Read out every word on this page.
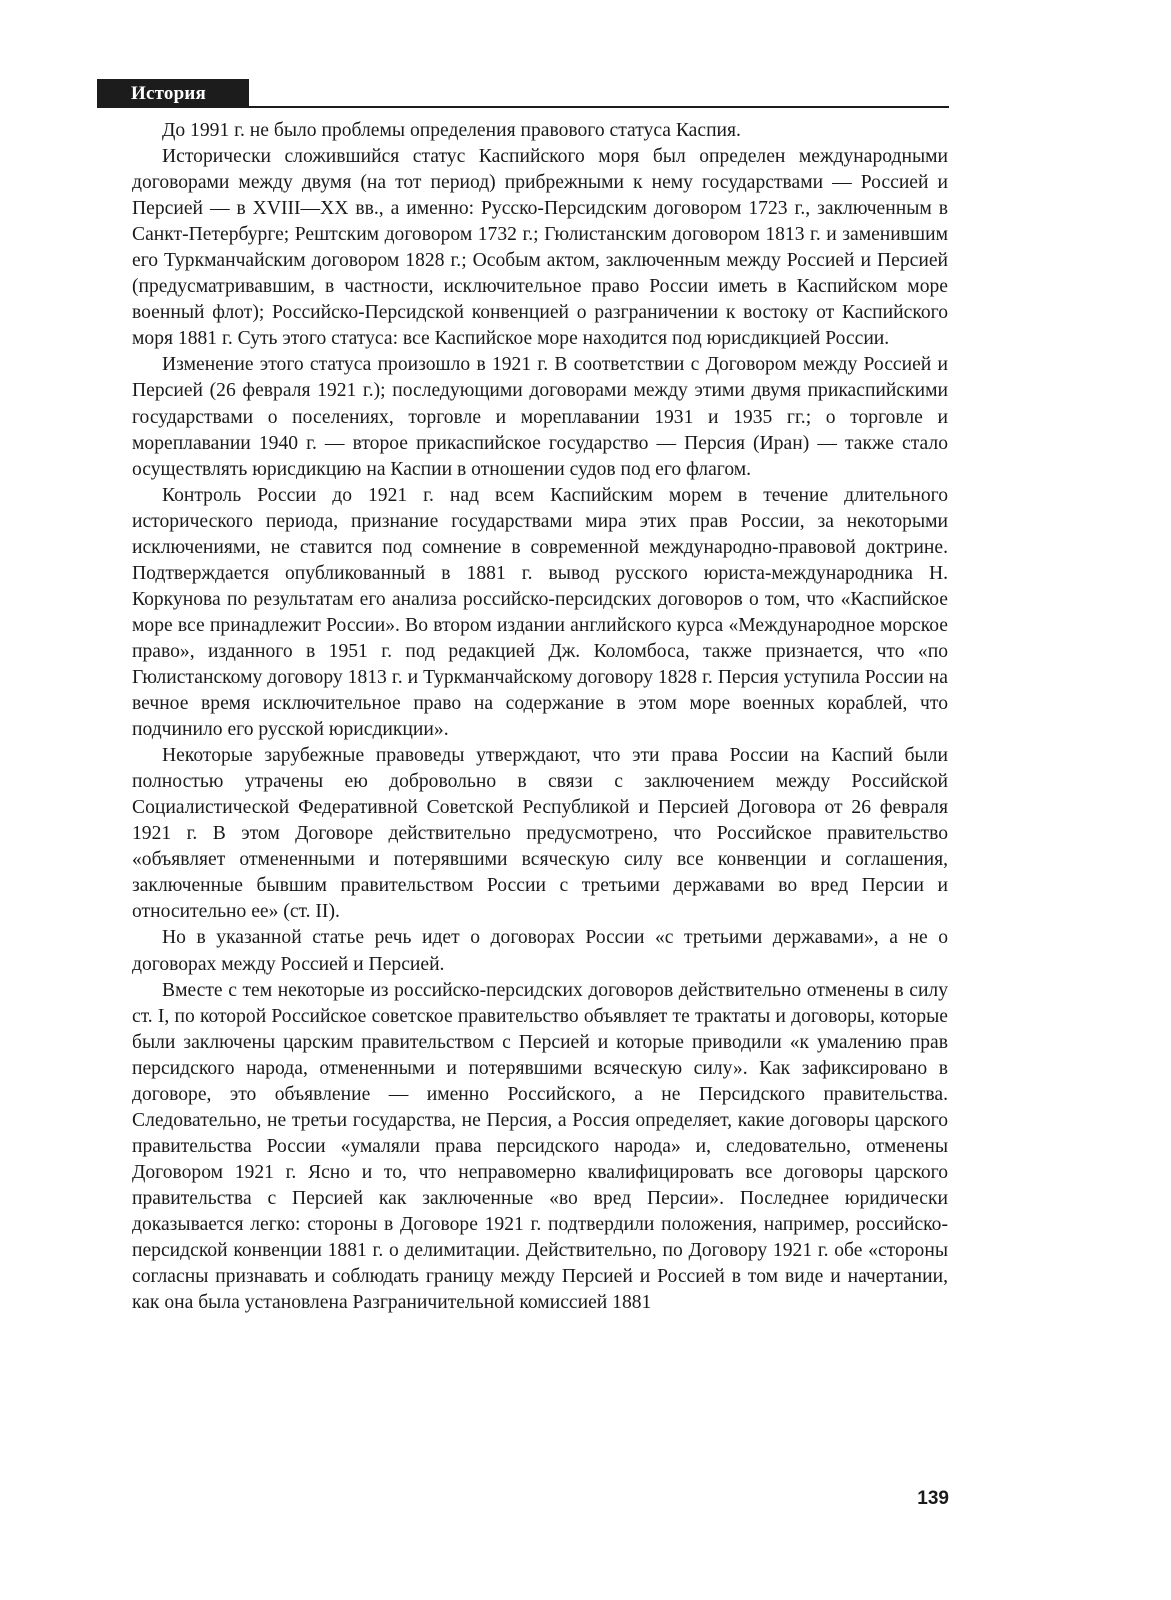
История

До 1991 г. не было проблемы определения правового статуса Каспия.

Исторически сложившийся статус Каспийского моря был определен международными договорами между двумя (на тот период) прибрежными к нему государствами — Россией и Персией — в XVIII—XX вв., а именно: Русско-Персидским договором 1723 г., заключенным в Санкт-Петербурге; Рештским договором 1732 г.; Гюлистанским договором 1813 г. и заменившим его Туркманчайским договором 1828 г.; Особым актом, заключенным между Россией и Персией (предусматривавшим, в частности, исключительное право России иметь в Каспийском море военный флот); Российско-Персидской конвенцией о разграничении к востоку от Каспийского моря 1881 г. Суть этого статуса: все Каспийское море находится под юрисдикцией России.

Изменение этого статуса произошло в 1921 г. В соответствии с Договором между Россией и Персией (26 февраля 1921 г.); последующими договорами между этими двумя прикаспийскими государствами о поселениях, торговле и мореплавании 1931 и 1935 гг.; о торговле и мореплавании 1940 г. — второе прикаспийское государство — Персия (Иран) — также стало осуществлять юрисдикцию на Каспии в отношении судов под его флагом.

Контроль России до 1921 г. над всем Каспийским морем в течение длительного исторического периода, признание государствами мира этих прав России, за некоторыми исключениями, не ставится под сомнение в современной международно-правовой доктрине. Подтверждается опубликованный в 1881 г. вывод русского юриста-международника Н. Коркунова по результатам его анализа российско-персидских договоров о том, что «Каспийское море все принадлежит России». Во втором издании английского курса «Международное морское право», изданного в 1951 г. под редакцией Дж. Коломбоса, также признается, что «по Гюлистанскому договору 1813 г. и Туркманчайскому договору 1828 г. Персия уступила России на вечное время исключительное право на содержание в этом море военных кораблей, что подчинило его русской юрисдикции».

Некоторые зарубежные правоведы утверждают, что эти права России на Каспий были полностью утрачены ею добровольно в связи с заключением между Российской Социалистической Федеративной Советской Республикой и Персией Договора от 26 февраля 1921 г. В этом Договоре действительно предусмотрено, что Российское правительство «объявляет отмененными и потерявшими всяческую силу все конвенции и соглашения, заключенные бывшим правительством России с третьими державами во вред Персии и относительно ее» (ст. II).

Но в указанной статье речь идет о договорах России «с третьими державами», а не о договорах между Россией и Персией.

Вместе с тем некоторые из российско-персидских договоров действительно отменены в силу ст. I, по которой Российское советское правительство объявляет те трактаты и договоры, которые были заключены царским правительством с Персией и которые приводили «к умалению прав персидского народа, отмененными и потерявшими всяческую силу». Как зафиксировано в договоре, это объявление — именно Российского, а не Персидского правительства. Следовательно, не третьи государства, не Персия, а Россия определяет, какие договоры царского правительства России «умаляли права персидского народа» и, следовательно, отменены Договором 1921 г. Ясно и то, что неправомерно квалифицировать все договоры царского правительства с Персией как заключенные «во вред Персии». Последнее юридически доказывается легко: стороны в Договоре 1921 г. подтвердили положения, например, российско-персидской конвенции 1881 г. о делимитации. Действительно, по Договору 1921 г. обе «стороны согласны признавать и соблюдать границу между Персией и Россией в том виде и начертании, как она была установлена Разграничительной комиссией 1881

139
